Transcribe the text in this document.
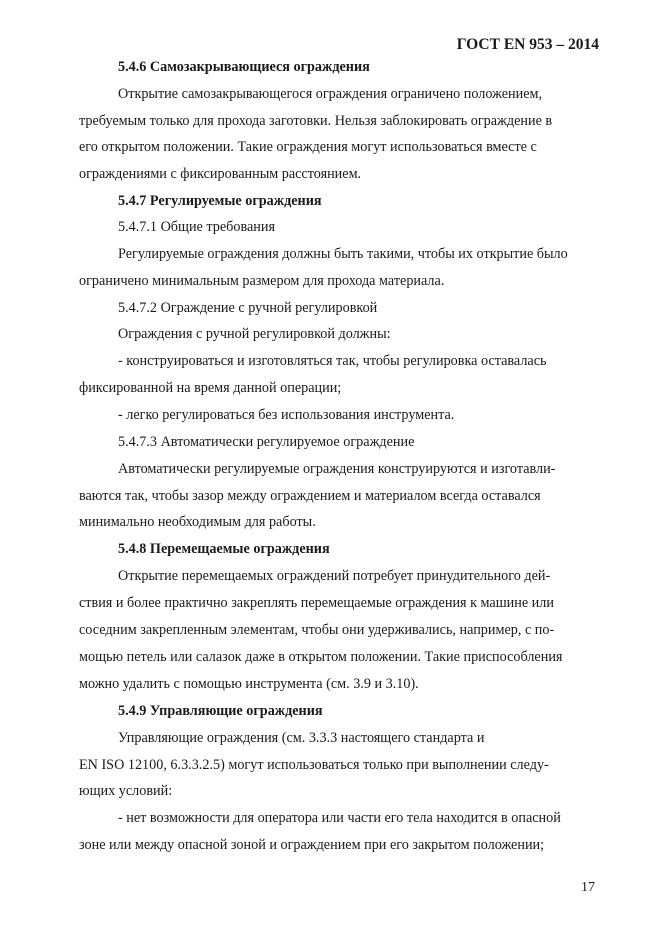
ГОСТ EN 953 – 2014
5.4.6 Самозакрывающиеся ограждения
Открытие самозакрывающегося ограждения ограничено положением,
требуемым только для прохода заготовки. Нельзя заблокировать ограждение в
его открытом положении. Такие ограждения могут использоваться вместе с
ограждениями с фиксированным расстоянием.
5.4.7 Регулируемые ограждения
5.4.7.1 Общие требования
Регулируемые ограждения должны быть такими, чтобы их открытие было
ограничено минимальным размером для прохода материала.
5.4.7.2 Ограждение с ручной регулировкой
Ограждения с ручной регулировкой должны:
- конструироваться и изготовляться так, чтобы регулировка оставалась
фиксированной на время данной операции;
- легко регулироваться без использования инструмента.
5.4.7.3 Автоматически регулируемое ограждение
Автоматически регулируемые ограждения конструируются и изготавли-
ваются так, чтобы зазор между ограждением и материалом всегда оставался
минимально необходимым для работы.
5.4.8 Перемещаемые ограждения
Открытие перемещаемых ограждений потребует принудительного дей-
ствия и более практично закреплять перемещаемые ограждения к машине или
соседним закрепленным элементам, чтобы они удерживались, например, с по-
мощью петель или салазок даже в открытом положении. Такие приспособления
можно удалить с помощью инструмента (см. 3.9 и 3.10).
5.4.9 Управляющие ограждения
Управляющие ограждения (см. 3.3.3 настоящего стандарта и
EN ISO 12100, 6.3.3.2.5) могут использоваться только при выполнении следу-
ющих условий:
- нет возможности для оператора или части его тела находится в опасной
зоне или между опасной зоной и ограждением при его закрытом положении;
17
